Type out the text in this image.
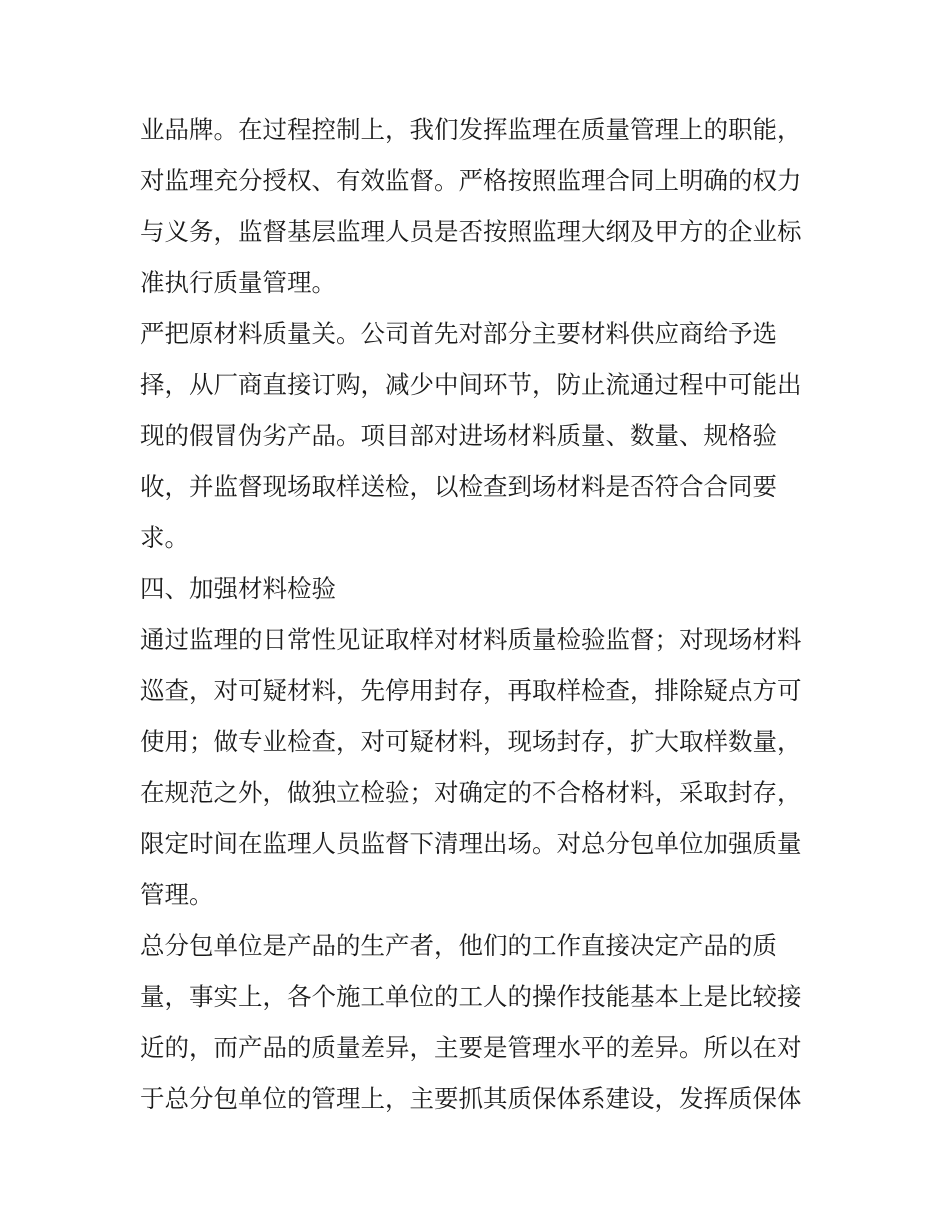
业品牌。在过程控制上，我们发挥监理在质量管理上的职能，
对监理充分授权、有效监督。严格按照监理合同上明确的权力
与义务，监督基层监理人员是否按照监理大纲及甲方的企业标
准执行质量管理。
严把原材料质量关。公司首先对部分主要材料供应商给予选
择，从厂商直接订购，减少中间环节，防止流通过程中可能出
现的假冒伪劣产品。项目部对进场材料质量、数量、规格验
收，并监督现场取样送检，以检查到场材料是否符合合同要
求。
四、加强材料检验
通过监理的日常性见证取样对材料质量检验监督；对现场材料
巡查，对可疑材料，先停用封存，再取样检查，排除疑点方可
使用；做专业检查，对可疑材料，现场封存，扩大取样数量，
在规范之外，做独立检验；对确定的不合格材料，采取封存，
限定时间在监理人员监督下清理出场。对总分包单位加强质量
管理。
总分包单位是产品的生产者，他们的工作直接决定产品的质
量，事实上，各个施工单位的工人的操作技能基本上是比较接
近的，而产品的质量差异，主要是管理水平的差异。所以在对
于总分包单位的管理上，主要抓其质保体系建设，发挥质保体
